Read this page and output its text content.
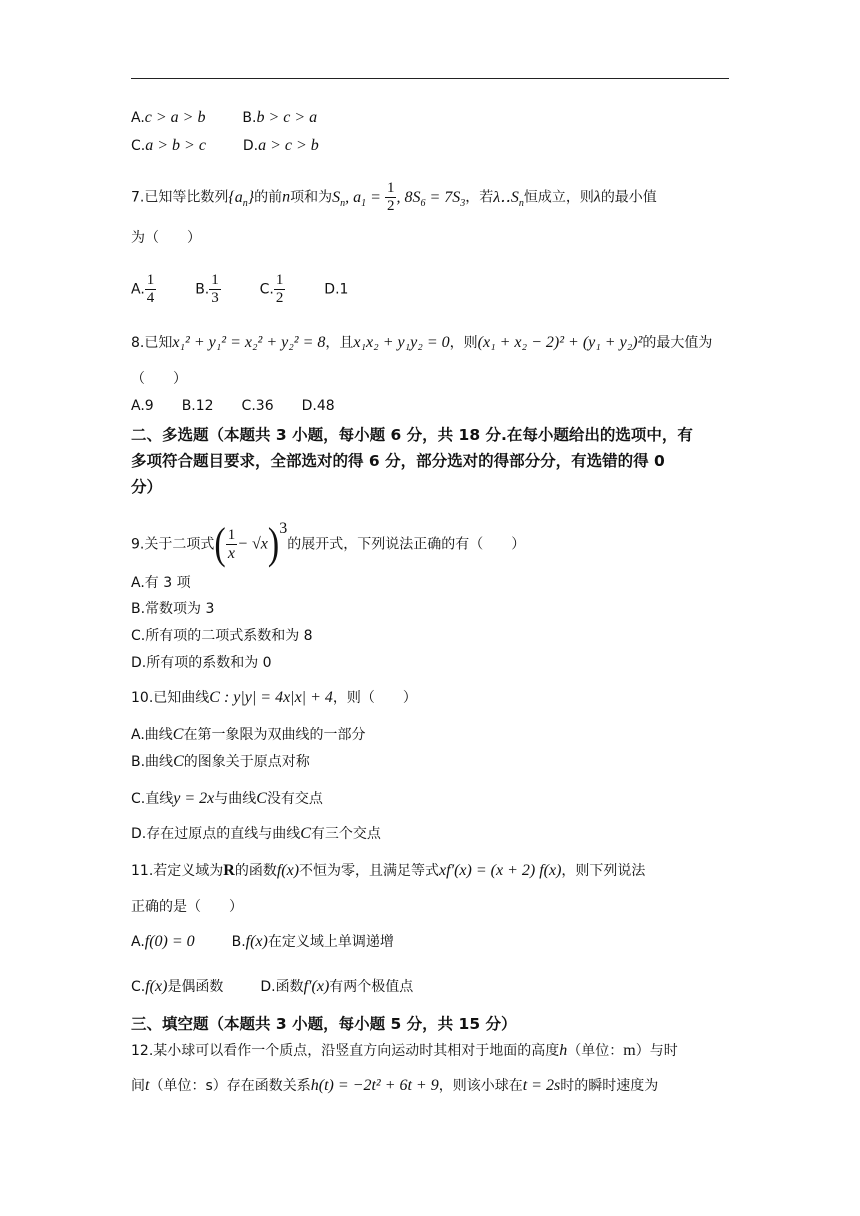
A.c > a > b	B.b > c > a
C.a > b > c	D.a > c > b
7.已知等比数列$\{a_n\}$的前n项和为$S_n$, $a_1 = \frac{1}{2}$ , $8S_6 = 7S_3$，若$\lambda‥S_n$恒成立，则λ的最小值
为（　　）
A. $\frac{1}{4}$	B. $\frac{1}{3}$	C. $\frac{1}{2}$	D.1
8.已知x₁² + y₁² = x₂² + y₂² = 8，且x₁x₂ + y₁y₂ = 0，则(x₁ + x₂ − 2)² + (y₁ + y₂)²的最大值为
（　　）
A.9　　B.12　　C.36　　D.48
二、多选题（本题共 3 小题，每小题 6 分，共 18 分.在每小题给出的选项中，有
多项符合题目要求，全部选对的得 6 分，部分选对的得部分分，有选错的得 0
分）
9.关于二项式( $\frac{1}{x} - √x)^3$的展开式，下列说法正确的有（　　）
A.有 3 项
B.常数项为 3
C.所有项的二项式系数和为 8
D.所有项的系数和为 0
10.已知曲线C : y|y| = 4x|x| + 4，则（　　）
A.曲线C在第一象限为双曲线的一部分
B.曲线C的图象关于原点对称
C.直线y = 2x与曲线C没有交点
D.存在过原点的直线与曲线C有三个交点
11.若定义域为R的函数f(x)不恒为零，且满足等式xf′(x) = (x + 2) f(x)，则下列说法
正确的是（　　）
A.f(0) = 0	B.f(x)在定义域上单调递增
C.f(x)是偶函数	D.函数f′(x)有两个极值点
三、填空题（本题共 3 小题，每小题 5 分，共 15 分）
12.某小球可以看作一个质点，沿竖直方向运动时其相对于地面的高度h（单位：m）与时
间t（单位：s）存在函数关系h(t) = −2t² + 6t + 9，则该小球在t = 2s时的瞬时速度为
